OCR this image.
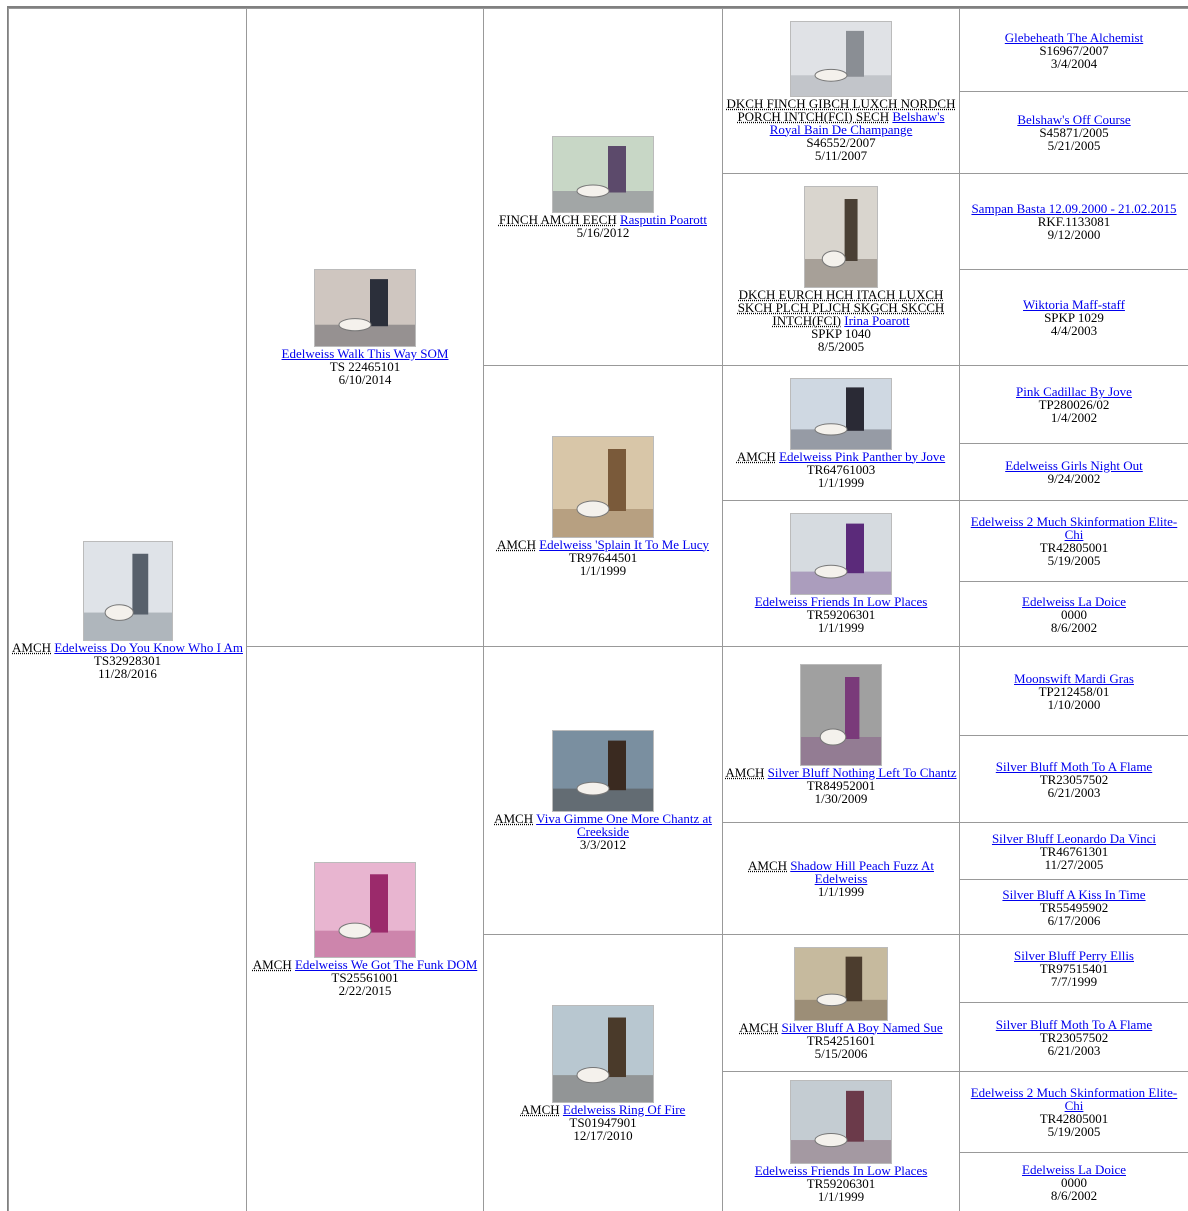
AMCH Edelweiss Do You Know Who I Am
TS32928301
11/28/2016
Edelweiss Walk This Way SOM
TS 22465101
6/10/2014
AMCH Edelweiss We Got The Funk DOM
TS25561001
2/22/2015
FINCH AMCH EECH Rasputin Poarott
5/16/2012
AMCH Edelweiss 'Splain It To Me Lucy
TR97644501
1/1/1999
AMCH Viva Gimme One More Chantz at Creekside
3/3/2012
AMCH Edelweiss Ring Of Fire
TS01947901
12/17/2010
DKCH FINCH GIBCH LUXCH NORDCH PORCH INTCH(FCI) SECH Belshaw's Royal Bain De Champange
S46552/2007
5/11/2007
DKCH EURCH HCH ITACH LUXCH SKCH PLCH PLJCH SKGCH SKCCH INTCH(FCI) Irina Poarott
SPKP 1040
8/5/2005
AMCH Edelweiss Pink Panther by Jove
TR64761003
1/1/1999
Edelweiss Friends In Low Places
TR59206301
1/1/1999
AMCH Silver Bluff Nothing Left To Chantz
TR84952001
1/30/2009
AMCH Shadow Hill Peach Fuzz At Edelweiss
1/1/1999
AMCH Silver Bluff A Boy Named Sue
TR54251601
5/15/2006
Edelweiss Friends In Low Places
TR59206301
1/1/1999
Glebeheath The Alchemist
S16967/2007
3/4/2004
Belshaw's Off Course
S45871/2005
5/21/2005
Sampan Basta 12.09.2000 - 21.02.2015
RKF.1133081
9/12/2000
Wiktoria Maff-staff
SPKP 1029
4/4/2003
Pink Cadillac By Jove
TP280026/02
1/4/2002
Edelweiss Girls Night Out
9/24/2002
Edelweiss 2 Much Skinformation Elite-Chi
TR42805001
5/19/2005
Edelweiss La Doice
0000
8/6/2002
Moonswift Mardi Gras
TP212458/01
1/10/2000
Silver Bluff Moth To A Flame
TR23057502
6/21/2003
Silver Bluff Leonardo Da Vinci
TR46761301
11/27/2005
Silver Bluff A Kiss In Time
TR55495902
6/17/2006
Silver Bluff Perry Ellis
TR97515401
7/7/1999
Silver Bluff Moth To A Flame
TR23057502
6/21/2003
Edelweiss 2 Much Skinformation Elite-Chi
TR42805001
5/19/2005
Edelweiss La Doice
0000
8/6/2002
